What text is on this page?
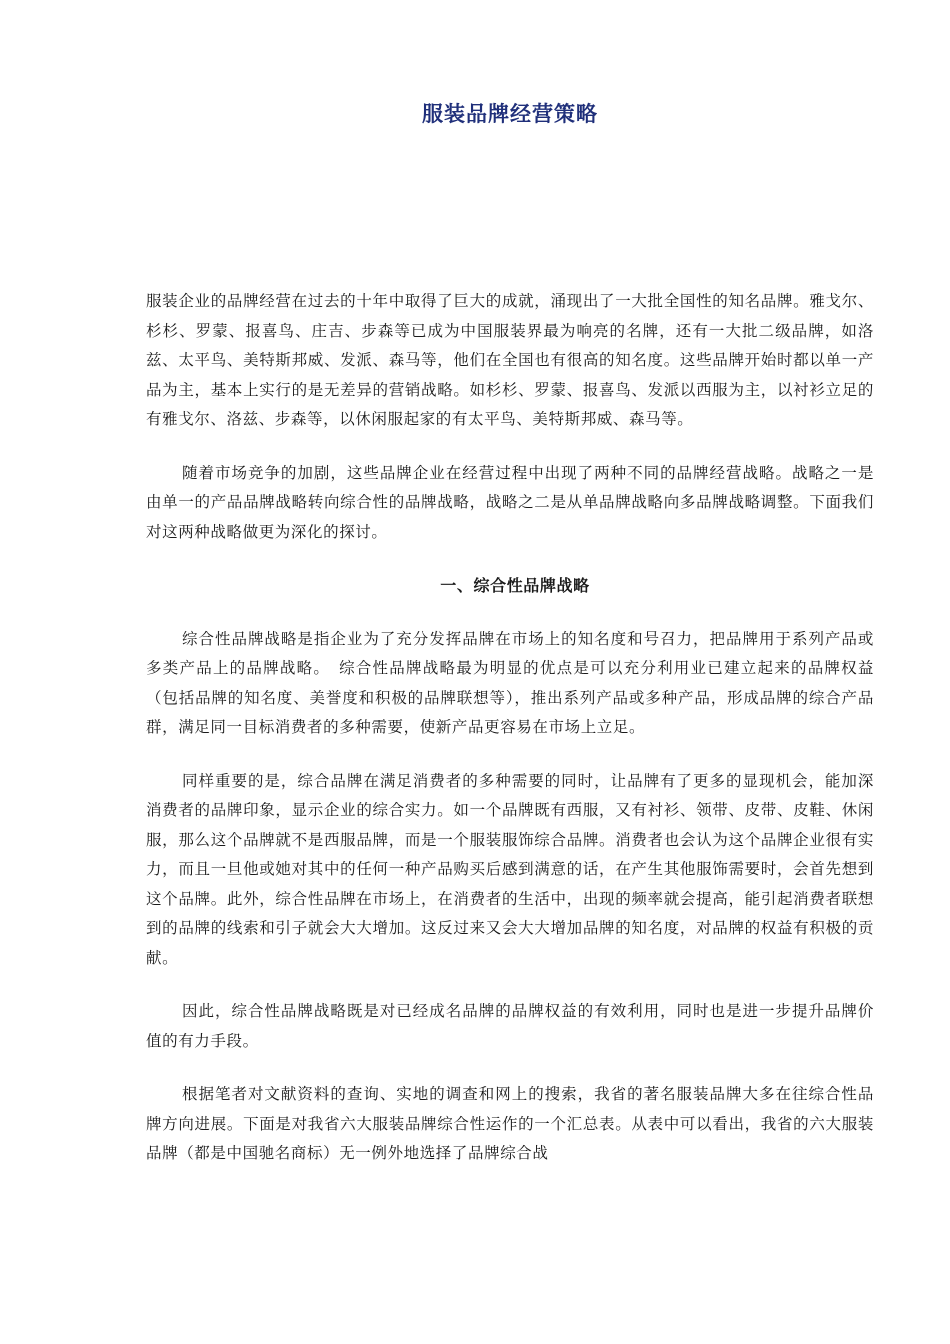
服装品牌经营策略

服装企业的品牌经营在过去的十年中取得了巨大的成就，涌现出了一大批全国性的知名品牌。雅戈尔、杉杉、罗蒙、报喜鸟、庄吉、步森等已成为中国服装界最为响亮的名牌，还有一大批二级品牌，如洛兹、太平鸟、美特斯邦威、发派、森马等，他们在全国也有很高的知名度。这些品牌开始时都以单一产品为主，基本上实行的是无差异的营销战略。如杉杉、罗蒙、报喜鸟、发派以西服为主，以衬衫立足的有雅戈尔、洛兹、步森等，以休闲服起家的有太平鸟、美特斯邦威、森马等。

随着市场竞争的加剧，这些品牌企业在经营过程中出现了两种不同的品牌经营战略。战略之一是由单一的产品品牌战略转向综合性的品牌战略，战略之二是从单品牌战略向多品牌战略调整。下面我们对这两种战略做更为深化的探讨。

一、综合性品牌战略

综合性品牌战略是指企业为了充分发挥品牌在市场上的知名度和号召力，把品牌用于系列产品或多类产品上的品牌战略。　综合性品牌战略最为明显的优点是可以充分利用业已建立起来的品牌权益（包括品牌的知名度、美誉度和积极的品牌联想等），推出系列产品或多种产品，形成品牌的综合产品群，满足同一目标消费者的多种需要，使新产品更容易在市场上立足。

同样重要的是，综合品牌在满足消费者的多种需要的同时，让品牌有了更多的显现机会，能加深消费者的品牌印象，显示企业的综合实力。如一个品牌既有西服，又有衬衫、领带、皮带、皮鞋、休闲服，那么这个品牌就不是西服品牌，而是一个服装服饰综合品牌。消费者也会认为这个品牌企业很有实力，而且一旦他或她对其中的任何一种产品购买后感到满意的话，在产生其他服饰需要时，会首先想到这个品牌。此外，综合性品牌在市场上，在消费者的生活中，出现的频率就会提高，能引起消费者联想到的品牌的线索和引子就会大大增加。这反过来又会大大增加品牌的知名度，对品牌的权益有积极的贡献。

因此，综合性品牌战略既是对已经成名品牌的品牌权益的有效利用，同时也是进一步提升品牌价值的有力手段。

根据笔者对文献资料的查询、实地的调查和网上的搜索，我省的著名服装品牌大多在往综合性品牌方向进展。下面是对我省六大服装品牌综合性运作的一个汇总表。从表中可以看出，我省的六大服装品牌（都是中国驰名商标）无一例外地选择了品牌综合战
